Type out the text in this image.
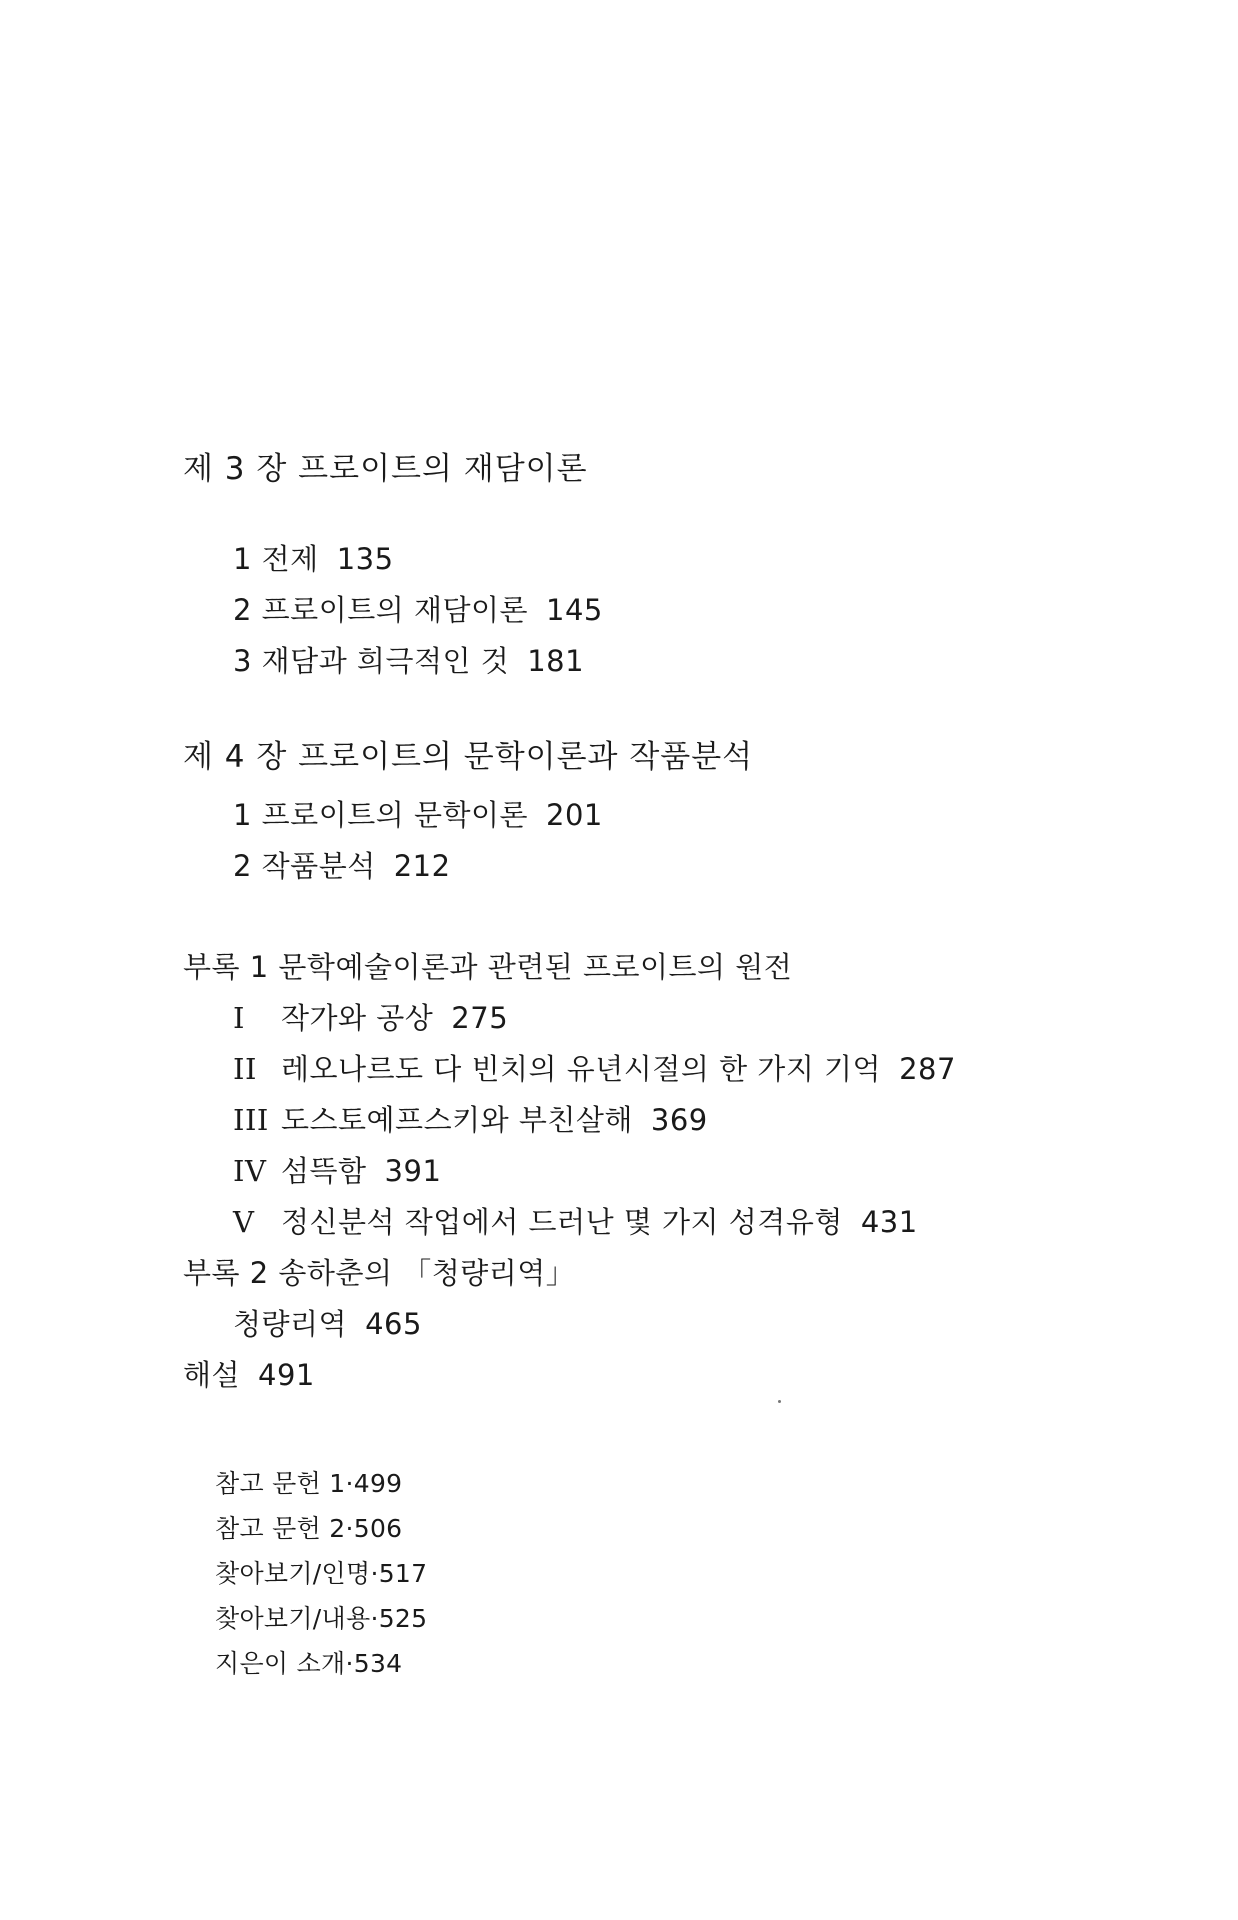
제 3 장 프로이트의 재담이론
1 전제 135
2 프로이트의 재담이론 145
3 재담과 희극적인 것 181
제 4 장 프로이트의 문학이론과 작품분석
1 프로이트의 문학이론 201
2 작품분석 212
부록 1 문학예술이론과 관련된 프로이트의 원전
I 작가와 공상 275
II 레오나르도 다 빈치의 유년시절의 한 가지 기억 287
III 도스토예프스키와 부친살해 369
IV 섬뜩함 391
V 정신분석 작업에서 드러난 몇 가지 성격유형 431
부록 2 송하춘의 「청량리역」
청량리역 465
해설 491
참고 문헌 1·499
참고 문헌 2·506
찾아보기/인명·517
찾아보기/내용·525
지은이 소개·534
